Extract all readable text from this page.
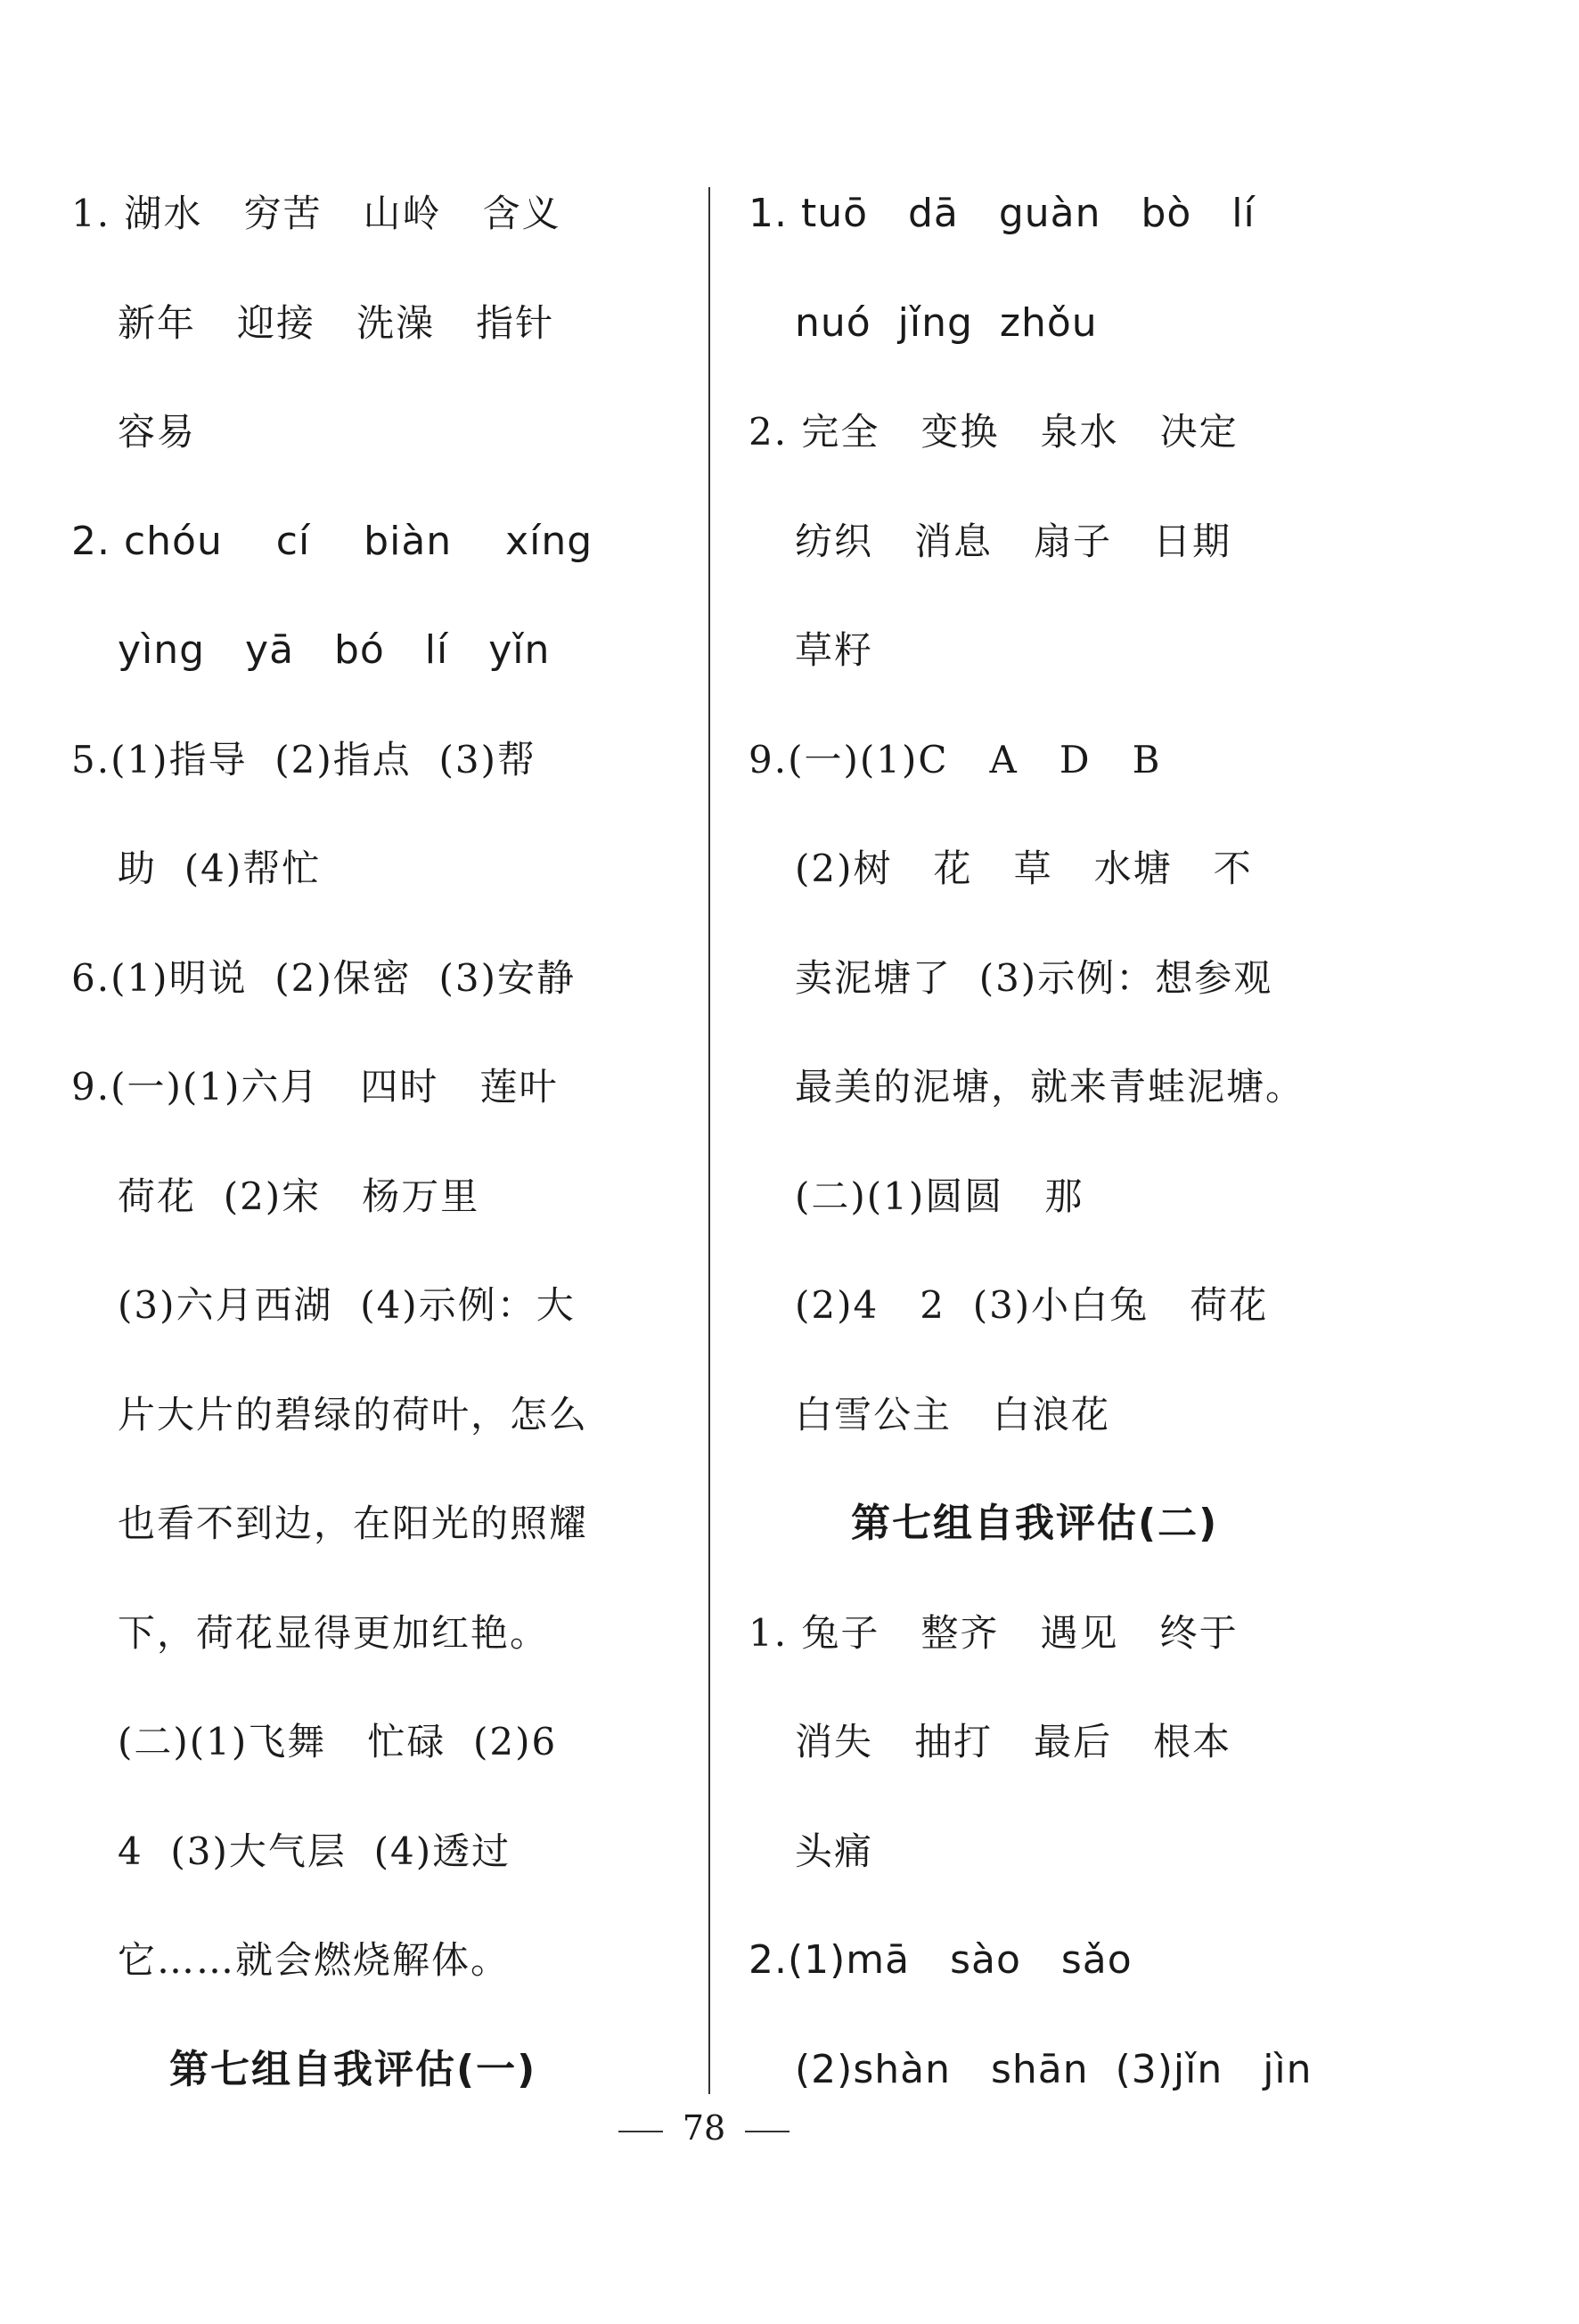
1. 湖水   穷苦   山岭   含义
新年   迎接   洗澡   指针
容易
2. chóu    cí    biàn    xíng
yìng   yā   bó   lí   yǐn
5.(1)指导  (2)指点  (3)帮
助  (4)帮忙
6.(1)明说  (2)保密  (3)安静
9.(一)(1)六月   四时   莲叶
荷花  (2)宋   杨万里
(3)六月西湖  (4)示例：大
片大片的碧绿的荷叶，怎么
也看不到边，在阳光的照耀
下，荷花显得更加红艳。
(二)(1)飞舞   忙碌  (2)6
4  (3)大气层  (4)透过
它……就会燃烧解体。
第七组自我评估(一)
1. tuō   dā   guàn   bò   lí
nuó  jǐng  zhǒu
2. 完全   变换   泉水   决定
纺织   消息   扇子   日期
草籽
9.(一)(1)C   A   D   B
(2)树   花   草   水塘   不
卖泥塘了  (3)示例：想参观
最美的泥塘，就来青蛙泥塘。
(二)(1)圆圆   那
(2)4   2  (3)小白兔   荷花
白雪公主   白浪花
第七组自我评估(二)
1. 兔子   整齐   遇见   终于
消失   抽打   最后   根本
头痛
2.(1)mā   sào   sǎo
(2)shàn   shān  (3)jǐn   jìn
78
